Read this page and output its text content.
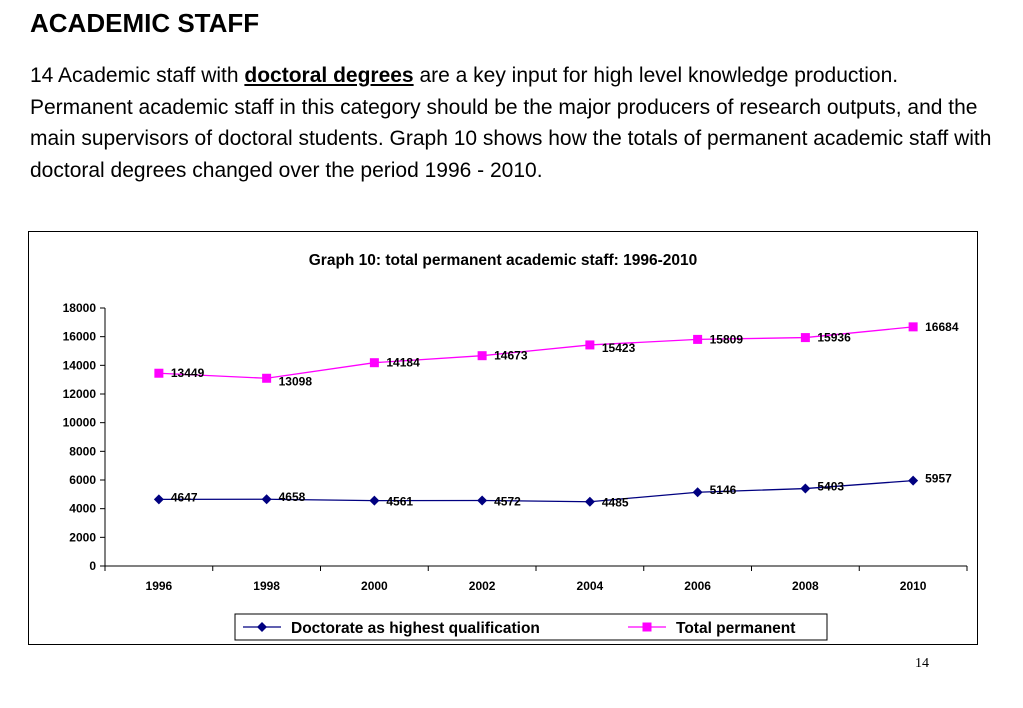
ACADEMIC STAFF

14 Academic staff with doctoral degrees are a key input for high level knowledge production. Permanent academic staff in this category should be the major producers of research outputs, and the main supervisors of doctoral students. Graph 10 shows how the totals of permanent academic staff with doctoral degrees changed over the period 1996 - 2010.

Graph 10: total permanent academic staff: 1996-2010
0
2000
4000
6000
8000
10000
12000
14000
16000
18000
1996	1998	2000	2002	2004	2006	2008	2010
4647	4658	4561	4572	4485
5146	5403
5957
13449
13098
14184
14673
15423
15809	15936
16684
Doctorate as highest qualification	Total permanent
14
